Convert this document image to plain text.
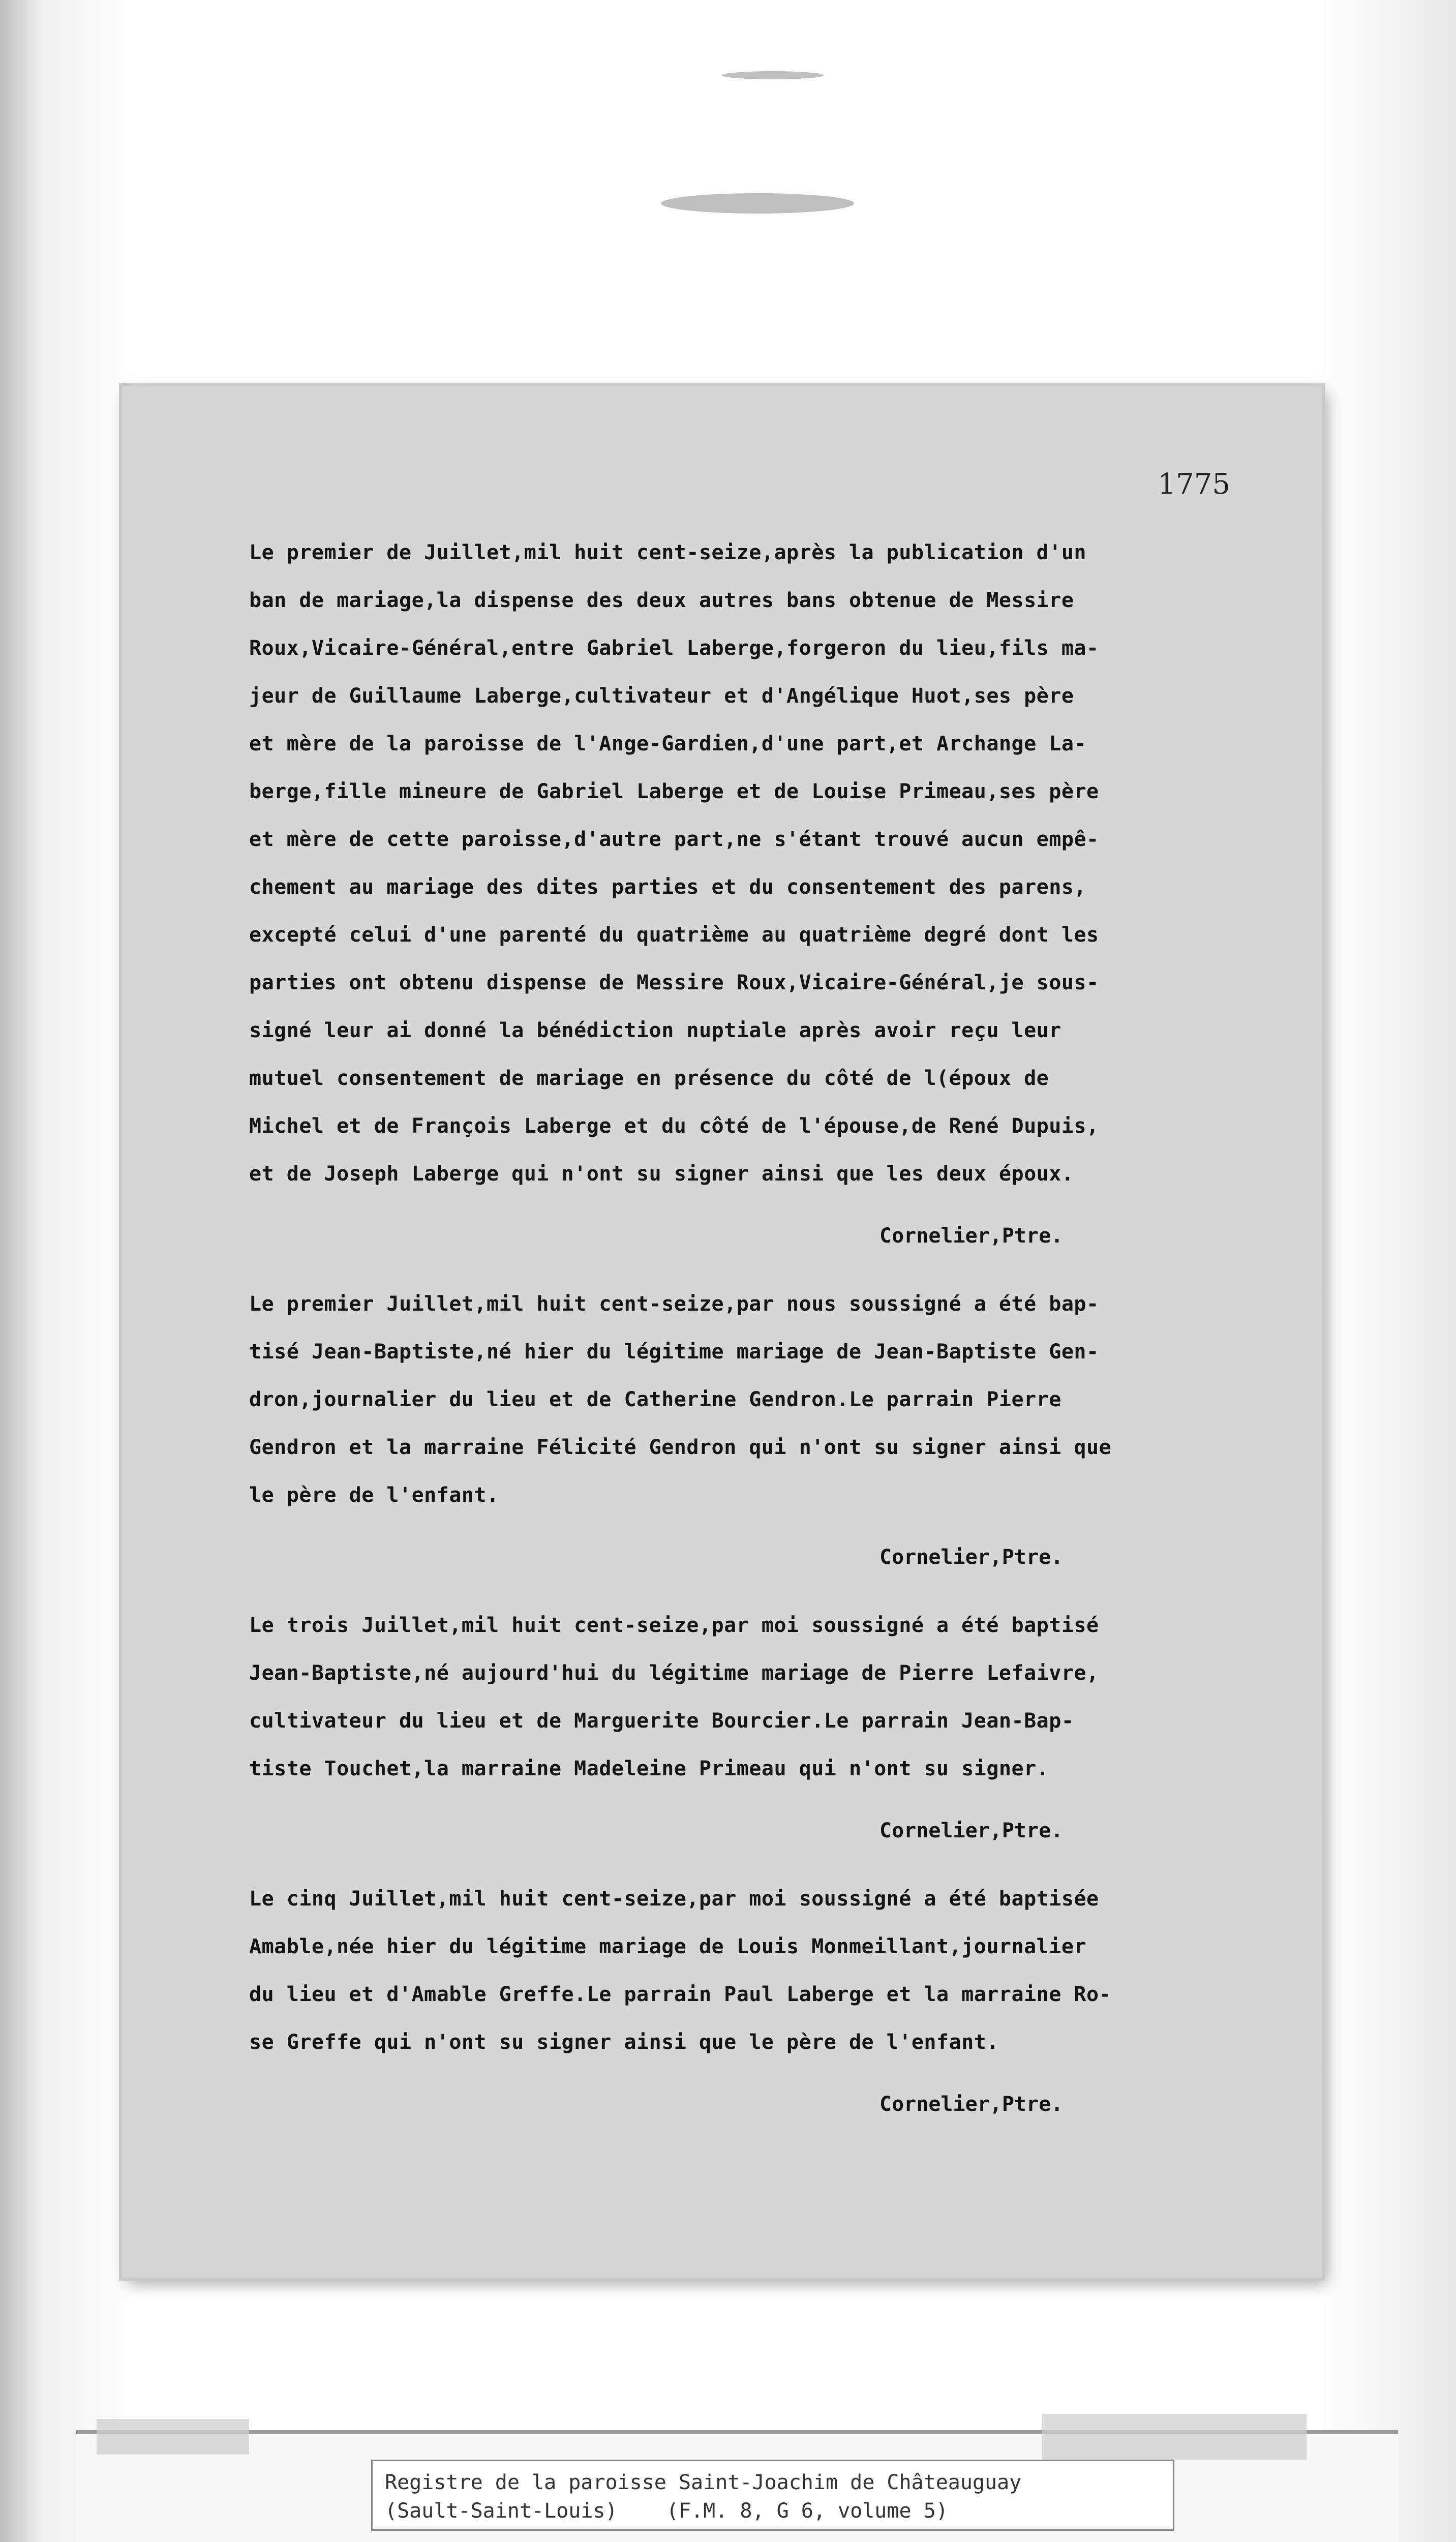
1775

Le premier de Juillet,mil huit cent-seize,après la publication d'un

ban de mariage,la dispense des deux autres bans obtenue de Messire

Roux,Vicaire-Général,entre Gabriel Laberge,forgeron du lieu,fils ma-

jeur de Guillaume Laberge,cultivateur et d'Angélique Huot,ses père

et mère de la paroisse de l'Ange-Gardien,d'une part,et Archange La-

berge,fille mineure de Gabriel Laberge et de Louise Primeau,ses père

et mère de cette paroisse,d'autre part,ne s'étant trouvé aucun empê-

chement au mariage des dites parties et du consentement des parens,

excepté celui d'une parenté du quatrième au quatrième degré dont les

parties ont obtenu dispense de Messire Roux,Vicaire-Général,je sous-

signé leur ai donné la bénédiction nuptiale après avoir reçu leur

mutuel consentement de mariage en présence du côté de l(époux de

Michel et de François Laberge et du côté de l'épouse,de René Dupuis,

et de Joseph Laberge qui n'ont su signer ainsi que les deux époux.

Cornelier,Ptre.

Le premier Juillet,mil huit cent-seize,par nous soussigné a été bap-

tisé Jean-Baptiste,né hier du légitime mariage de Jean-Baptiste Gen-

dron,journalier du lieu et de Catherine Gendron.Le parrain Pierre

Gendron et la marraine Félicité Gendron qui n'ont su signer ainsi que

le père de l'enfant.

Cornelier,Ptre.

Le trois Juillet,mil huit cent-seize,par moi soussigné a été baptisé

Jean-Baptiste,né aujourd'hui du légitime mariage de Pierre Lefaivre,

cultivateur du lieu et de Marguerite Bourcier.Le parrain Jean-Bap-

tiste Touchet,la marraine Madeleine Primeau qui n'ont su signer.

Cornelier,Ptre.

Le cinq Juillet,mil huit cent-seize,par moi soussigné a été baptisée

Amable,née hier du légitime mariage de Louis Monmeillant,journalier

du lieu et d'Amable Greffe.Le parrain Paul Laberge et la marraine Ro-

se Greffe qui n'ont su signer ainsi que le père de l'enfant.

Cornelier,Ptre.
Registre de la paroisse Saint-Joachim de Châteauguay
(Sault-Saint-Louis)    (F.M. 8, G 6, volume 5)
